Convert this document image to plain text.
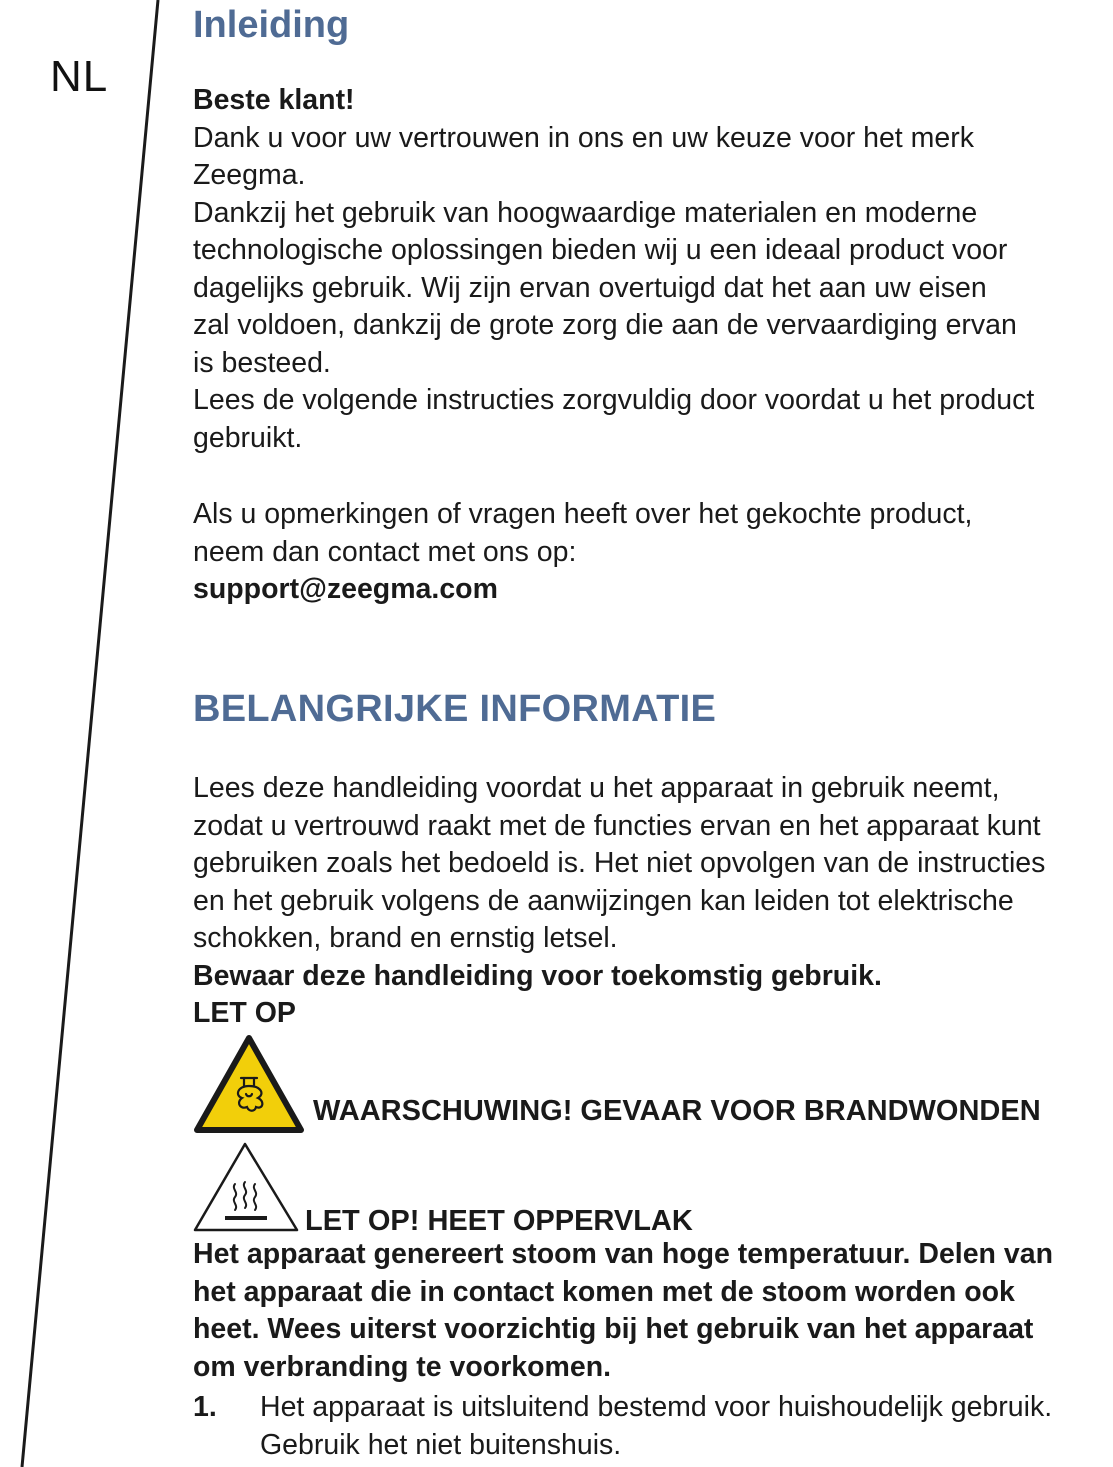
NL
Inleiding
Beste klant!
Dank u voor uw vertrouwen in ons en uw keuze voor het merk
Zeegma.
Dankzij het gebruik van hoogwaardige materialen en moderne
technologische oplossingen bieden wij u een ideaal product voor
dagelijks gebruik. Wij zijn ervan overtuigd dat het aan uw eisen
zal voldoen, dankzij de grote zorg die aan de vervaardiging ervan
is besteed.
Lees de volgende instructies zorgvuldig door voordat u het product
gebruikt.
Als u opmerkingen of vragen heeft over het gekochte product,
neem dan contact met ons op:
support@zeegma.com
BELANGRIJKE INFORMATIE
Lees deze handleiding voordat u het apparaat in gebruik neemt,
zodat u vertrouwd raakt met de functies ervan en het apparaat kunt
gebruiken zoals het bedoeld is. Het niet opvolgen van de instructies
en het gebruik volgens de aanwijzingen kan leiden tot elektrische
schokken, brand en ernstig letsel.
Bewaar deze handleiding voor toekomstig gebruik.
LET OP
WAARSCHUWING! GEVAAR VOOR BRANDWONDEN
LET OP! HEET OPPERVLAK
Het apparaat genereert stoom van hoge temperatuur. Delen van
het apparaat die in contact komen met de stoom worden ook
heet. Wees uiterst voorzichtig bij het gebruik van het apparaat
om verbranding te voorkomen.
1. Het apparaat is uitsluitend bestemd voor huishoudelijk gebruik.
Gebruik het niet buitenshuis.
